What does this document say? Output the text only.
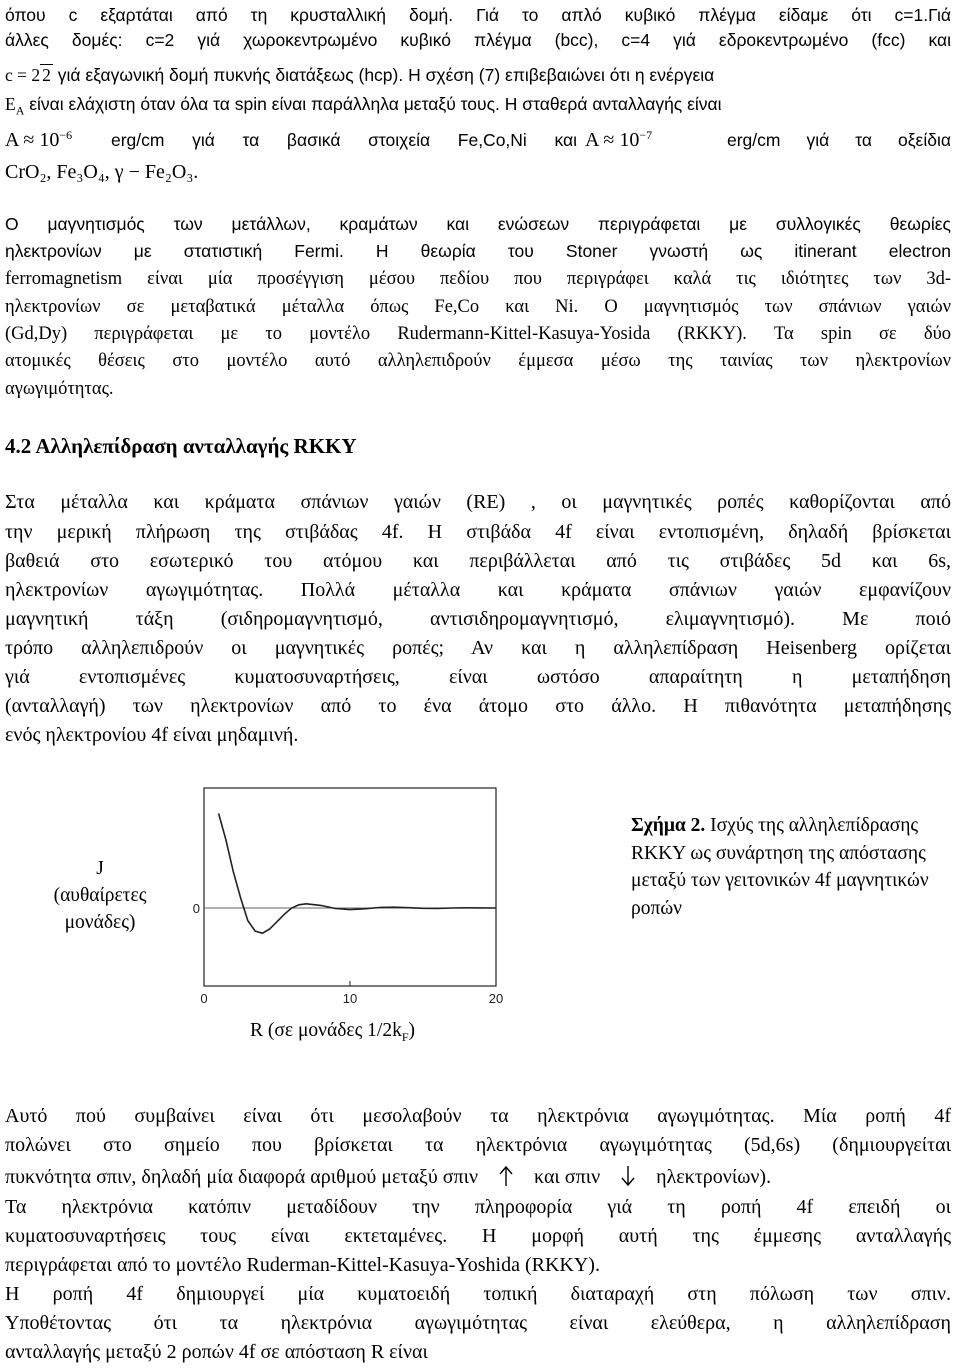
όπου c εξαρτάται από τη κρυσταλλική δομή. Γιά το απλό κυβικό πλέγμα είδαμε ότι c=1.Γιά
άλλες δομές: c=2 γιά χωροκεντρωμένο κυβικό πλέγμα (bcc), c=4 γιά εδροκεντρωμένο (fcc) και
c = 2 2 γιά εξαγωνική δομή πυκνής διατάξεως (hcp). Η σχέση (7) επιβεβαιώνει ότι η ενέργεια
$E_A$ είναι ελάχιστη όταν όλα τα spin είναι παράλληλα μεταξύ τους. Η σταθερά ανταλλαγής είναι
$A \approx 10^{-6}$ erg/cm γιά τα βασικά στοιχεία Fe,Co,Ni και $A \approx 10^{-7}$	erg/cm γιά τα οξείδια
CrO₂, Fe₃O₄, γ − Fe₂O₃.
Ο μαγνητισμός των μετάλλων, κραμάτων και ενώσεων περιγράφεται με συλλογικές θεωρίες
ηλεκτρονίων με στατιστική Fermi. Η θεωρία του Stoner γνωστή ως itinerant electron
ferromagnetism είναι μία προσέγγιση μέσου πεδίου που περιγράφει καλά τις ιδιότητες των 3d-
ηλεκτρονίων σε μεταβατικά μέταλλα όπως Fe,Co και Ni. Ο μαγνητισμός των σπάνιων γαιών
(Gd,Dy) περιγράφεται με το μοντέλο Rudermann-Kittel-Kasuya-Yosida (RKKY). Τα spin σε δύο
ατομικές θέσεις στο μοντέλο αυτό αλληλεπιδρούν έμμεσα μέσω της ταινίας των ηλεκτρονίων
αγωγιμότητας.
4.2 Αλληλεπίδραση ανταλλαγής RKKY
Στα μέταλλα και κράματα σπάνιων γαιών (RE) , οι μαγνητικές ροπές καθορίζονται από
την μερική πλήρωση της στιβάδας 4f. Η στιβάδα 4f είναι εντοπισμένη, δηλαδή βρίσκεται
βαθειά στο εσωτερικό του ατόμου και περιβάλλεται από τις στιβάδες 5d και 6s,
ηλεκτρονίων αγωγιμότητας. Πολλά μέταλλα και κράματα σπάνιων γαιών εμφανίζουν
μαγνητική τάξη (σιδηρομαγνητισμό, αντισιδηρομαγνητισμό, ελιμαγνητισμό). Με ποιό
τρόπο αλληλεπιδρούν οι μαγνητικές ροπές; Αν και η αλληλεπίδραση Heisenberg ορίζεται
γιά εντοπισμένες κυματοσυναρτήσεις, είναι ωστόσο απαραίτητη η μεταπήδηση
(ανταλλαγή) των ηλεκτρονίων από το ένα άτομο στο άλλο. Η πιθανότητα μεταπήδησης
ενός ηλεκτρονίου 4f είναι μηδαμινή.
J
(αυθαίρετες
μονάδες)
0
0	10	20
R (σε μονάδες $1/2k_F$)
Σχήμα 2. Ισχύς της αλληλεπίδρασης RKKY ως συνάρτηση της απόστασης μεταξύ των γειτονικών 4f μαγνητικών ροπών
Αυτό πού συμβαίνει είναι ότι μεσολαβούν τα ηλεκτρόνια αγωγιμότητας. Μία ροπή 4f
πολώνει στο σημείο που βρίσκεται τα ηλεκτρόνια αγωγιμότητας (5d,6s) (δημιουργείται
πυκνότητα σπιν, δηλαδή μία διαφορά αριθμού μεταξύ σπιν	και σπιν	ηλεκτρονίων).
Τα ηλεκτρόνια κατόπιν μεταδίδουν την πληροφορία γιά τη ροπή 4f επειδή οι
κυματοσυναρτήσεις τους είναι εκτεταμένες. Η μορφή αυτή της έμμεσης ανταλλαγής
περιγράφεται από το μοντέλο Ruderman-Kittel-Kasuya-Yoshida (RKKY).
Η ροπή 4f δημιουργεί μία κυματοειδή τοπική διαταραχή στη πόλωση των σπιν.
Υποθέτοντας ότι τα ηλεκτρόνια αγωγιμότητας είναι ελεύθερα, η αλληλεπίδραση
ανταλλαγής μεταξύ 2 ροπών 4f σε απόσταση R είναι
